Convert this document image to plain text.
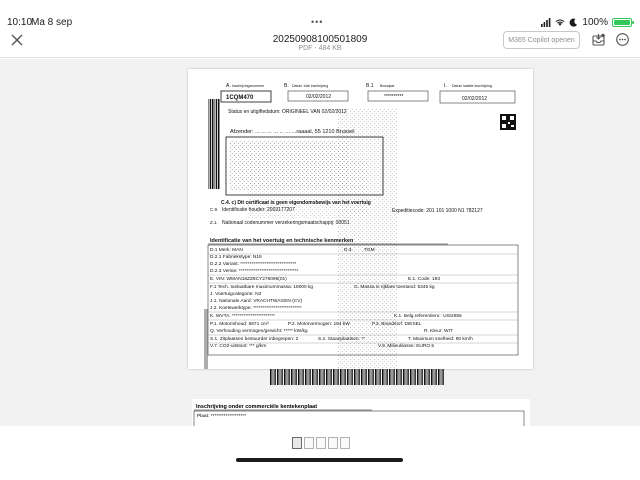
10:10
Ma 8 sep	•••	100%
20250908100501809
PDF - 484 KB
M365 Copilot openen
A. Inschrijvingsnummer
1CQM470
B. Datum 1ste inschrijving
02/02/2012
B.1 Bouwjaar
**********
I. Datum laatste inschrijving
02/02/2012
Status en uitgiftedatum: ORIGINEEL VAN 02/02/2012
Afzender: ... ... ... ... ... ... ...raaaal, 55 1210 Brussel
C.4. c) Dit certificaat is geen eigendomsbewijs van het voertuig
C.9. Identificatie houder: 2003177207	Expeditiecode: 201 101 1000 N1 782127
Z.1. Nationaal codenummer verzekeringsmaatschappij: 00051
Identificatie van het voertuig en technische kenmerken
D.1 Merk: MAN
D.2.1 Fabriekstype: N18
D.2.2 Variant: ******************************
D.2.3 Versie: ********************************
E. VIN: WMAN18ZZ8CY276096(01)
F.1 Tech. toelaatbare maximummassa: 18000 kg
J. Voertuigcategorie: N3
J.1. Nationale Aard: VRACHTWAGEN (CV)
J.2. Koetswerktype: **************************
K. WVTA: ***********************
P.1. Motorinhoud: 6871 cm³
Q. Verhouding vermogen/gewicht: ***** kW/kg
S.1. Zitplaatsen bestuurder inbegrepen: 2
V.7. CO2-uitstoot: *** g/km
D.3. TGM
E.1. Code: 193
G. Massa in rijklare toestand: 5345 kg
K.1. Belg.referentienr.: UIS2655
P.2. Motorvermogen: 184 kW	P.3. Brandstof: DIESEL
R. Kleur: WIT
S.2. Staanplaatsen: **	T. Maximum snelheid: 90 km/h
V.9. Milieuklasse: EURO 5
Inschrijving onder commerciële kentekenplaat
Plaat: *******************
